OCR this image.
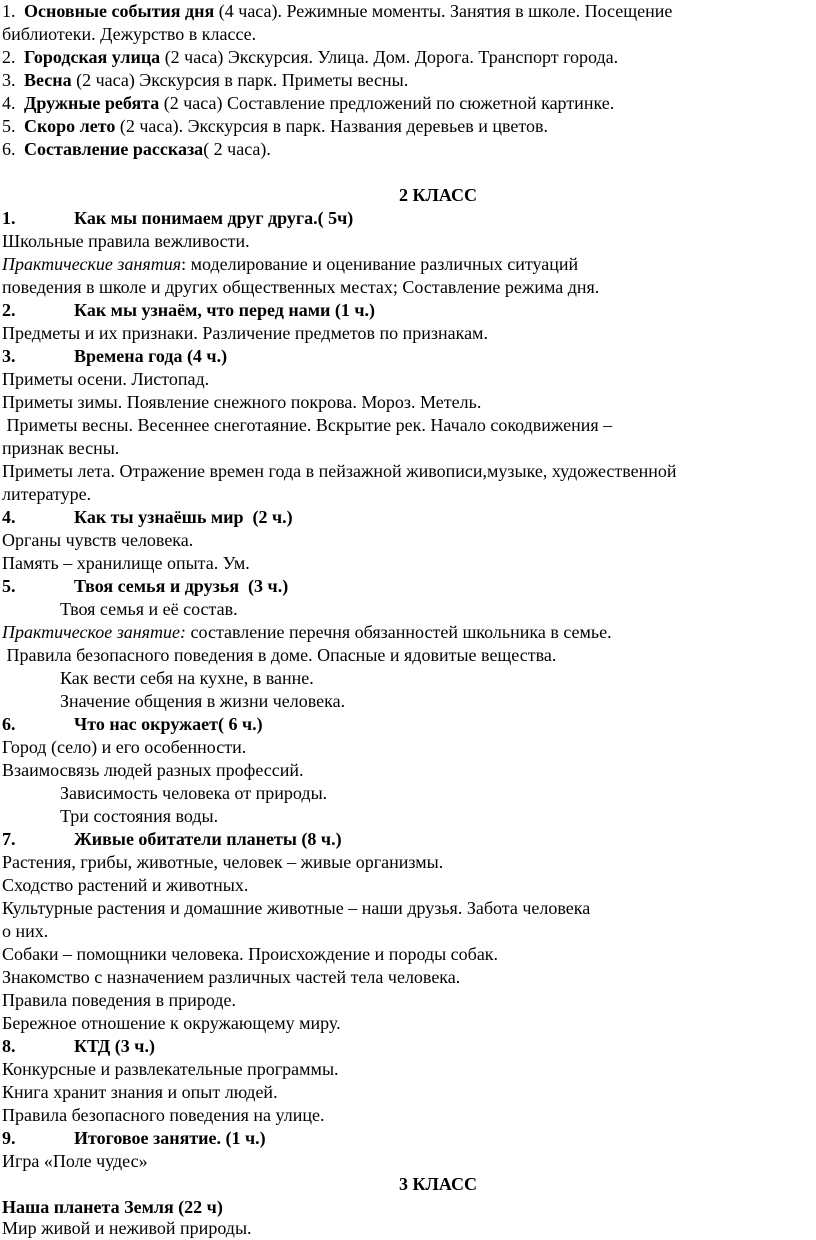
1. Основные события дня (4 часа). Режимные моменты. Занятия в школе. Посещение
библиотеки. Дежурство в классе.
2. Городская улица (2 часа) Экскурсия. Улица. Дом. Дорога. Транспорт города.
3. Весна (2 часа) Экскурсия в парк. Приметы весны.
4. Дружные ребята (2 часа) Составление предложений по сюжетной картинке.
5. Скоро лето (2 часа). Экскурсия в парк. Названия деревьев и цветов.
6. Составление рассказа( 2 часа).
2 КЛАСС
1.	Как мы понимаем друг друга.( 5ч)
Школьные правила вежливости.
Практические занятия: моделирование и оценивание различных ситуаций
поведения в школе и других общественных местах; Составление режима дня.
2.	Как мы узнаём, что перед нами (1 ч.)
Предметы и их признаки. Различение предметов по признакам.
3.	Времена года (4 ч.)
Приметы осени. Листопад.
Приметы зимы. Появление снежного покрова. Мороз. Метель.
Приметы весны. Весеннее снеготаяние. Вскрытие рек. Начало сокодвижения –
признак весны.
Приметы лета. Отражение времен года в пейзажной живописи,музыке, художественной
литературе.
4.	Как ты узнаёшь мир  (2 ч.)
Органы чувств человека.
Память – хранилище опыта. Ум.
5.	Твоя семья и друзья  (3 ч.)
Твоя семья и её состав.
Практическое занятие: составление перечня обязанностей школьника в семье.
Правила безопасного поведения в доме. Опасные и ядовитые вещества.
Как вести себя на кухне, в ванне.
Значение общения в жизни человека.
6.	Что нас окружает( 6 ч.)
Город (село) и его особенности.
Взаимосвязь людей разных профессий.
Зависимость человека от природы.
Три состояния воды.
7.	Живые обитатели планеты (8 ч.)
Растения, грибы, животные, человек – живые организмы.
Сходство растений и животных.
Культурные растения и домашние животные – наши друзья. Забота человека
о них.
Собаки – помощники человека. Происхождение и породы собак.
Знакомство с назначением различных частей тела человека.
Правила поведения в природе.
Бережное отношение к окружающему миру.
8.	КТД (3 ч.)
Конкурсные и развлекательные программы.
Книга хранит знания и опыт людей.
Правила безопасного поведения на улице.
9.	Итоговое занятие. (1 ч.)
Игра «Поле чудес»
3 КЛАСС
Наша планета Земля (22 ч)
Мир живой и неживой природы.
